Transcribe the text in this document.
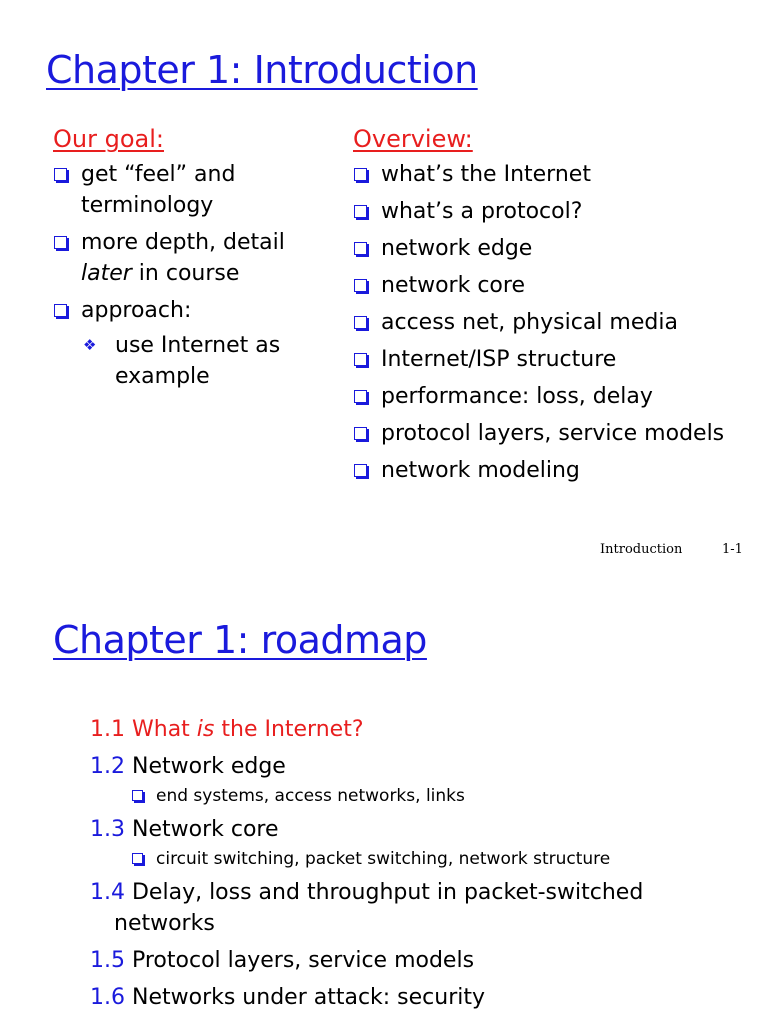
Chapter 1: Introduction
Our goal:
get “feel” and
terminology
more depth, detail
later in course
approach:
❖ use Internet as
example
Overview:
what’s the Internet
what’s a protocol?
network edge
network core
access net, physical media
Internet/ISP structure
performance: loss, delay
protocol layers, service models
network modeling
Introduction	1-1
Chapter 1: roadmap
1.1 What is the Internet?
1.2 Network edge
end systems, access networks, links
1.3 Network core
circuit switching, packet switching, network structure
1.4 Delay, loss and throughput in packet-switched
networks
1.5 Protocol layers, service models
1.6 Networks under attack: security
